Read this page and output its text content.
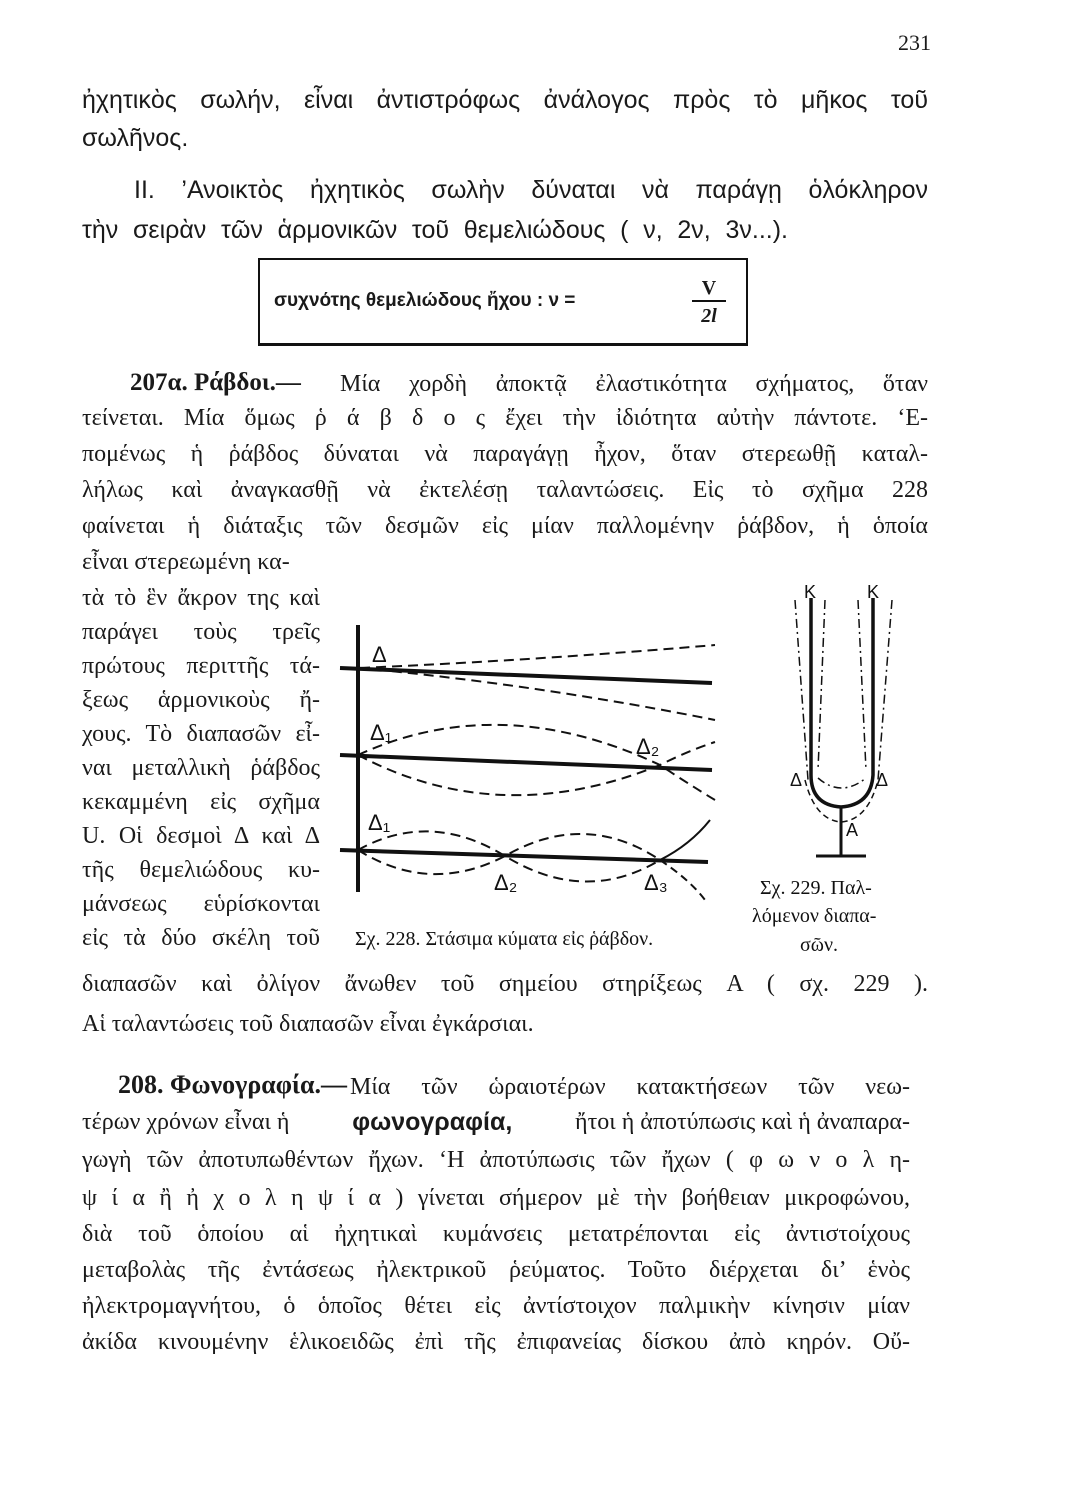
231
ἠχητικὸς σωλήν, εἶναι ἀντιστρόφως ἀνάλογος πρὸς τὸ μῆκος τοῦ
σωλῆνος.
II. ’Ανοικτὸς ἠχητικὸς σωλὴν δύναται νὰ παράγῃ ὁλόκληρον
τὴν σειρὰν τῶν ἁρμονικῶν τοῦ θεμελιώδους ( ν, 2ν, 3ν...).
συχνότης θεμελιώδους ἤχου : ν =	$\frac{V}{2l}$
207α. Ράβδοι.— Μία χορδὴ ἀποκτᾷ ἐλαστικότητα σχήματος, ὅταν
τείνεται. Μία ὅμως ῥ ά β δ ο ς ἔχει τὴν ἰδιότητα αὐτὴν πάντοτε. ‘Ε-
πομένως ἡ ῥάβδος δύναται νὰ παραγάγῃ ἦχον, ὅταν στερεωθῇ καταλ-
λήλως καὶ ἀναγκασθῇ νὰ ἐκτελέσῃ ταλαντώσεις. Εἰς τὸ σχῆμα 228
φαίνεται ἡ διάταξις τῶν δεσμῶν εἰς μίαν παλλομένην ῥάβδον, ἡ ὁποία
εἶναι στερεωμένη κα-
τὰ τὸ ἓν ἄκρον της καὶ
παράγει τοὺς τρεῖς
πρώτους περιττῆς τά-
ξεως ἁρμονικοὺς ἤ-
χους. Τὸ διαπασῶν εἶ-
ναι μεταλλικὴ ῥάβδος
κεκαμμένη εἰς σχῆμα
U. Οἱ δεσμοὶ Δ καὶ Δ
τῆς θεμελιώδους κυ-
μάνσεως εὑρίσκονται
εἰς τὰ δύο σκέλη τοῦ
Δ
Δ₁
Δ₂
Δ₁
Δ₂	Δ₃
Σχ. 228. Στάσιμα κύματα εἰς ῥάβδον.
K	K
Δ	Δ
A
Σχ. 229. Παλ-
λόμενον διαπα-
σῶν.
διαπασῶν καὶ ὀλίγον ἄνωθεν τοῦ σημείου στηρίξεως A ( σχ. 229 ).
Αἱ ταλαντώσεις τοῦ διαπασῶν εἶναι ἐγκάρσιαι.
208. Φωνογραφία.— Μία τῶν ὡραιοτέρων κατακτήσεων τῶν νεω-
τέρων χρόνων εἶναι ἡ	φωνογραφία,	ἤτοι ἡ ἀποτύπωσις καὶ ἡ ἀναπαρα-
γωγὴ τῶν ἀποτυπωθέντων ἤχων. ‘Η ἀποτύπωσις τῶν ἤχων ( φ ω ν ο λ η-
ψ ί α ἢ ἠ χ ο λ η ψ ί α ) γίνεται σήμερον μὲ τὴν βοήθειαν μικροφώνου,
διὰ τοῦ ὁποίου αἱ ἠχητικαὶ κυμάνσεις μετατρέπονται εἰς ἀντιστοίχους
μεταβολὰς τῆς ἐντάσεως ἠλεκτρικοῦ ῥεύματος. Τοῦτο διέρχεται δι’ ἑνὸς
ἠλεκτρομαγνήτου, ὁ ὁποῖος θέτει εἰς ἀντίστοιχον παλμικὴν κίνησιν μίαν
ἀκίδα κινουμένην ἑλικοειδῶς ἐπὶ τῆς ἐπιφανείας δίσκου ἀπὸ κηρόν. Οὔ-
